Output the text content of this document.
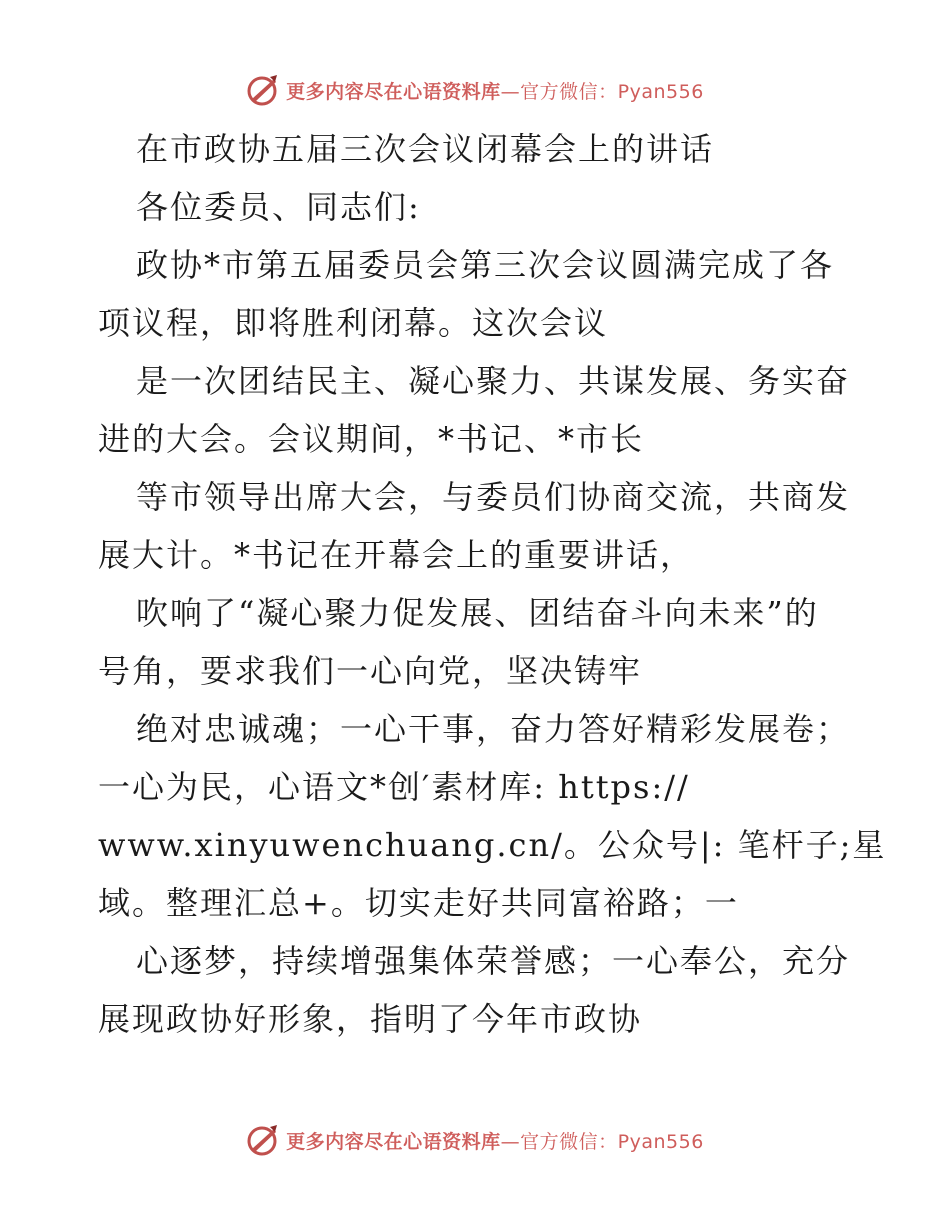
更多内容尽在心语资料库—官方微信：Pyan556
在市政协五届三次会议闭幕会上的讲话
各位委员、同志们:
政协*市第五届委员会第三次会议圆满完成了各
项议程，即将胜利闭幕。这次会议
是一次团结民主、凝心聚力、共谋发展、务实奋
进的大会。会议期间，*书记、*市长
等市领导出席大会，与委员们协商交流，共商发
展大计。*书记在开幕会上的重要讲话，
吹响了“凝心聚力促发展、团结奋斗向未来”的
号角，要求我们一心向党，坚决铸牢
绝对忠诚魂；一心干事，奋力答好精彩发展卷；
一心为民，心语文*创′素材库: https://
www.xinyuwenchuang.cn/。公众号|: 笔杆子;星
域。整理汇总+。切实走好共同富裕路；一
心逐梦，持续增强集体荣誉感；一心奉公，充分
展现政协好形象，指明了今年市政协
更多内容尽在心语资料库—官方微信：Pyan556
